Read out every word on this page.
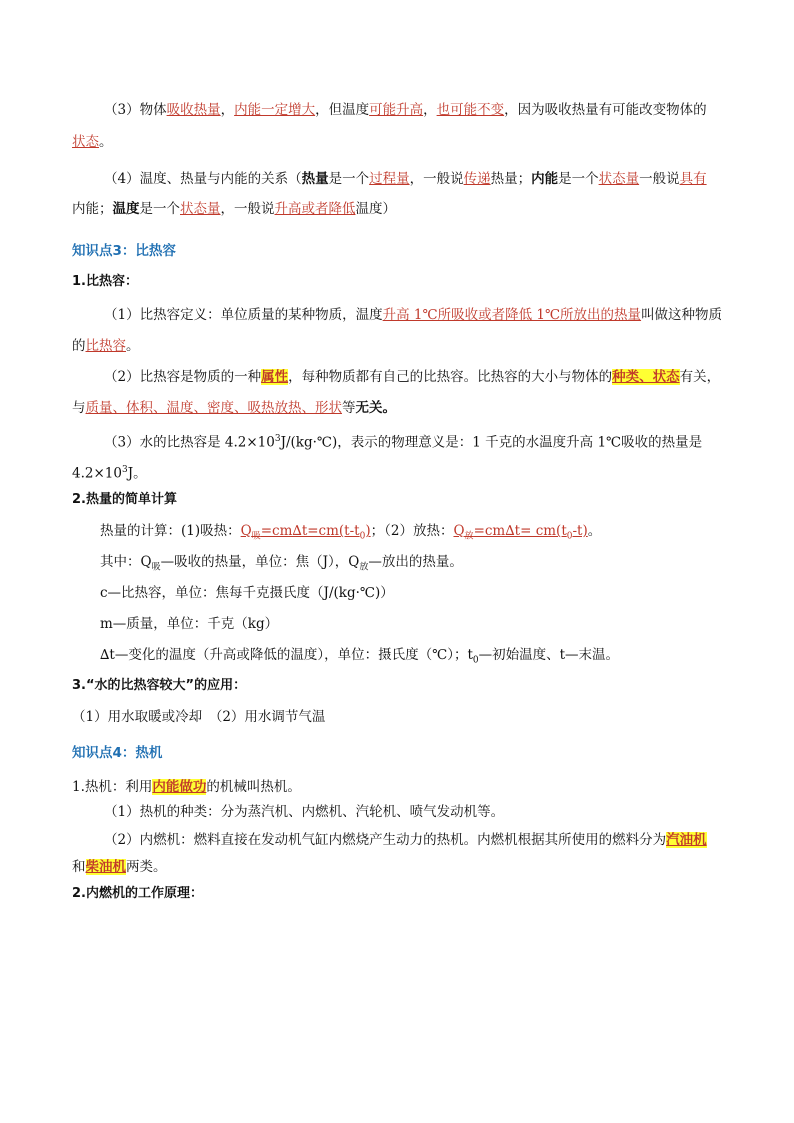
（3）物体吸收热量，内能一定增大，但温度可能升高，也可能不变，因为吸收热量有可能改变物体的
状态。
（4）温度、热量与内能的关系（热量是一个过程量，一般说传递热量；内能是一个状态量一般说具有
内能；温度是一个状态量，一般说升高或者降低温度）
知识点3：比热容
1.比热容：
（1）比热容定义：单位质量的某种物质，温度升高 1℃所吸收或者降低 1℃所放出的热量叫做这种物质
的比热容。
（2）比热容是物质的一种属性，每种物质都有自己的比热容。比热容的大小与物体的种类、状态有关，
与质量、体积、温度、密度、吸热放热、形状等无关。
（3）水的比热容是 $4.2\times 10^3J/(kg\cdot℃)$，表示的物理意义是：1 千克的水温度升高 1℃吸收的热量是
$4.2\times 10^3J$。
2.热量的简单计算
热量的计算：(1)吸热：$Q_吸=cm\Delta t=cm(t-t_0)$；（2）放热：$Q_放=cm\Delta t= cm(t_0-t)$。
其中：$Q_吸—$吸收的热量，单位：焦（J），$Q_放—$放出的热量。
c—比热容，单位：焦每千克摄氏度（J/(kg·℃)）
m—质量，单位：千克（kg）
∆t—变化的温度（升高或降低的温度），单位：摄氏度（℃）；$t_0—$初始温度、t—末温。
3.“水的比热容较大”的应用：
（1）用水取暖或冷却　（2）用水调节气温
知识点4：热机
1.热机：利用内能做功的机械叫热机。
（1）热机的种类：分为蒸汽机、内燃机、汽轮机、喷气发动机等。
（2）内燃机：燃料直接在发动机气缸内燃烧产生动力的热机。内燃机根据其所使用的燃料分为汽油机
和柴油机两类。
2.内燃机的工作原理：
